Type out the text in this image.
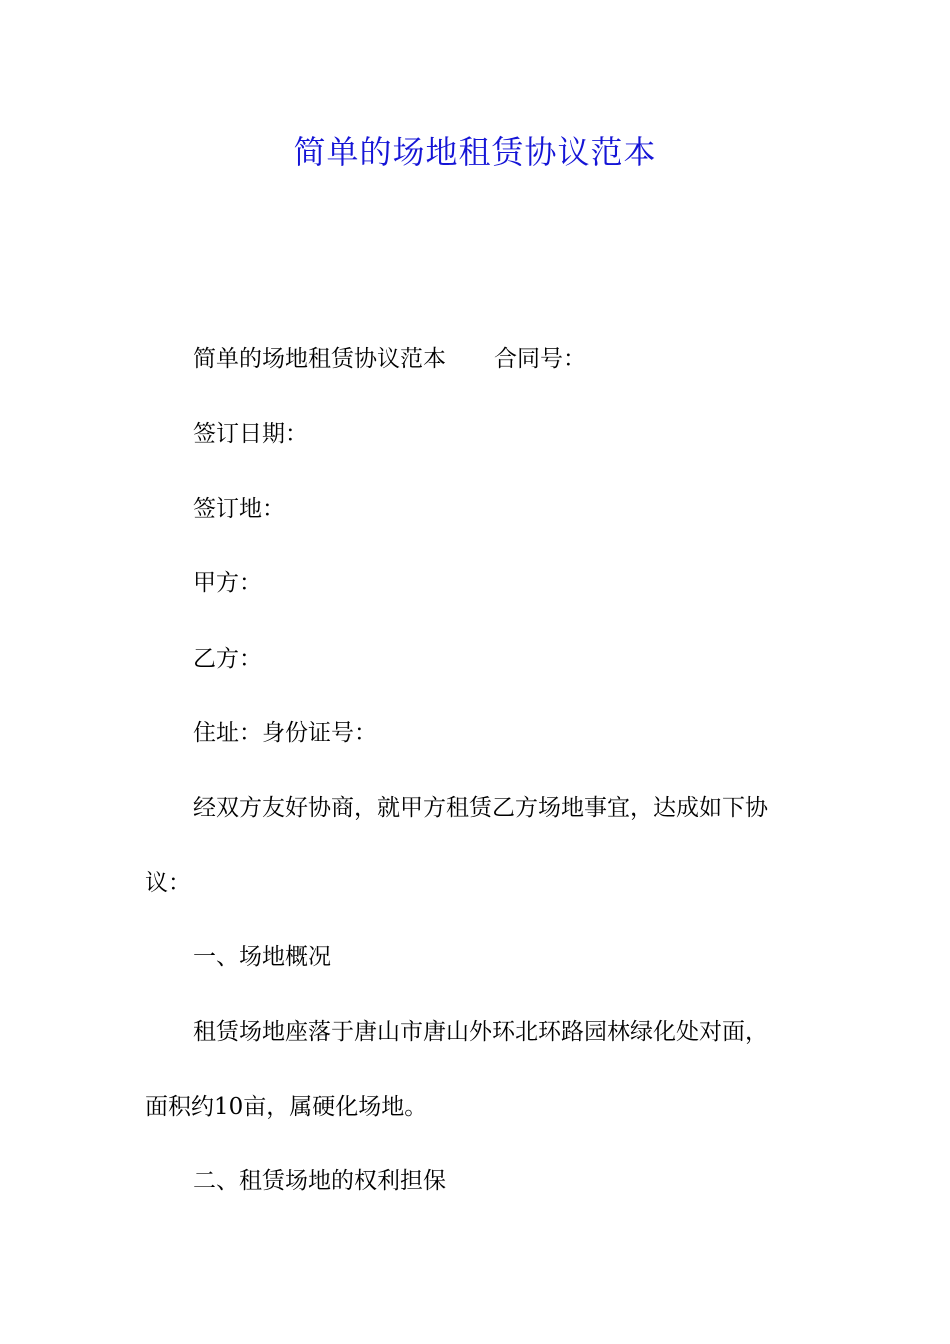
简单的场地租赁协议范本

简单的场地租赁协议范本 合同号：

签订日期：

签订地：

甲方：

乙方：

住址：身份证号：

经双方友好协商，就甲方租赁乙方场地事宜，达成如下协

议：

一、场地概况

租赁场地座落于唐山市唐山外环北环路园林绿化处对面，

面积约10亩，属硬化场地。

二、租赁场地的权利担保
